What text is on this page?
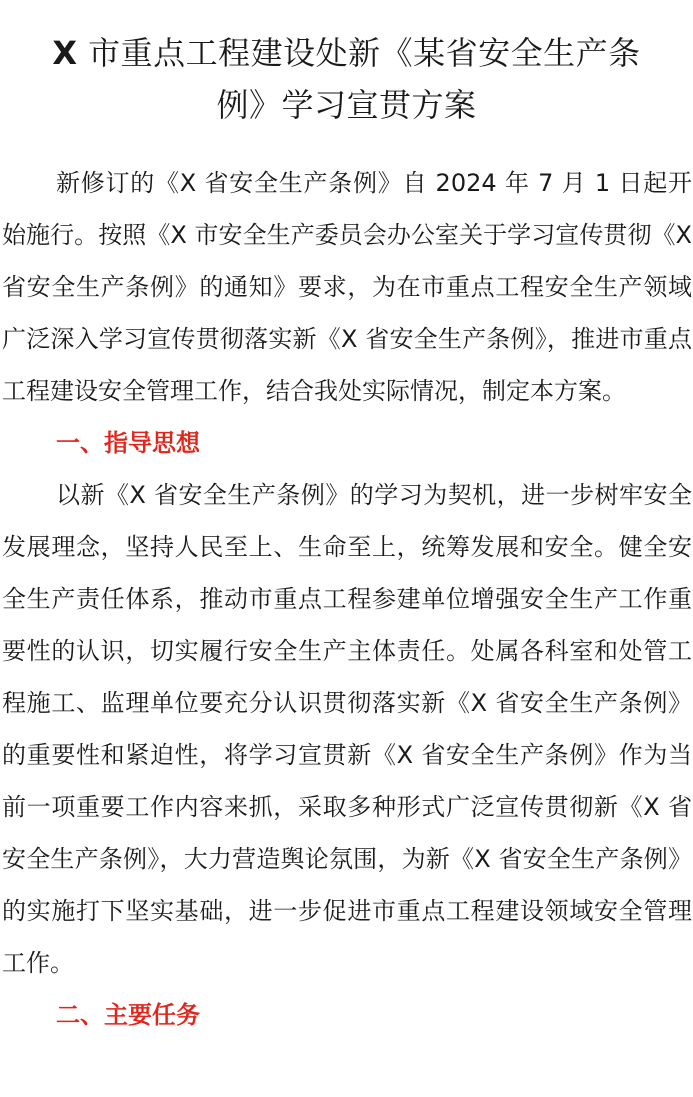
X 市重点工程建设处新《某省安全生产条
例》学习宣贯方案

新修订的《X 省安全生产条例》自 2024 年 7 月 1 日起开始施行。按照《X 市安全生产委员会办公室关于学习宣传贯彻《X 省安全生产条例》的通知》要求，为在市重点工程安全生产领域广泛深入学习宣传贯彻落实新《X 省安全生产条例》，推进市重点工程建设安全管理工作，结合我处实际情况，制定本方案。

一、指导思想

以新《X 省安全生产条例》的学习为契机，进一步树牢安全发展理念，坚持人民至上、生命至上，统筹发展和安全。健全安全生产责任体系，推动市重点工程参建单位增强安全生产工作重要性的认识，切实履行安全生产主体责任。处属各科室和处管工程施工、监理单位要充分认识贯彻落实新《X 省安全生产条例》的重要性和紧迫性，将学习宣贯新《X 省安全生产条例》作为当前一项重要工作内容来抓，采取多种形式广泛宣传贯彻新《X 省安全生产条例》，大力营造舆论氛围，为新《X 省安全生产条例》的实施打下坚实基础，进一步促进市重点工程建设领域安全管理工作。

二、主要任务
